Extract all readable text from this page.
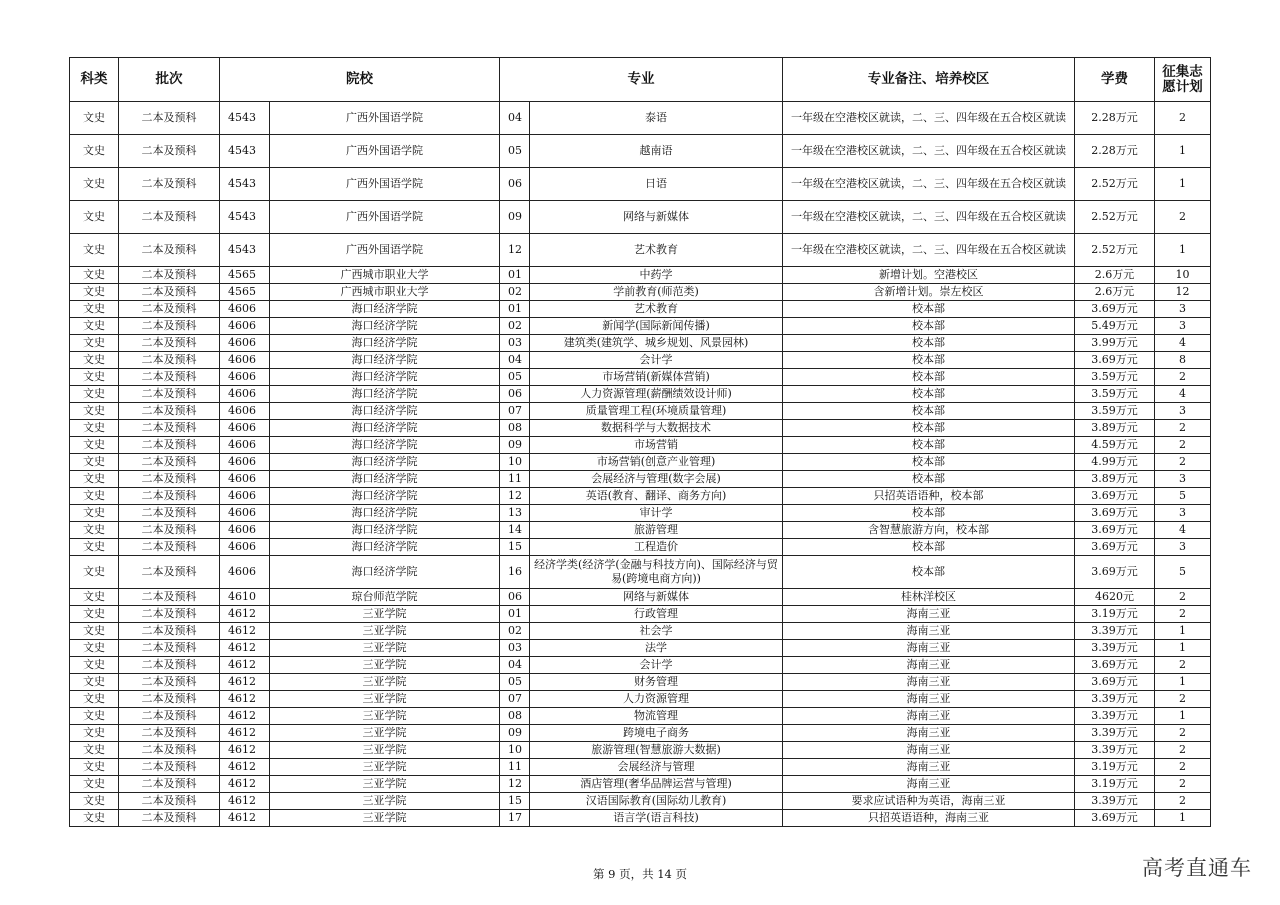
科类	批次	院校		专业		专业备注、培养校区	学费	征集志愿计划
文史	二本及预科	4543	广西外国语学院	04	泰语	一年级在空港校区就读，二、三、四年级在五合校区就读	2.28万元	2
文史	二本及预科	4543	广西外国语学院	05	越南语	一年级在空港校区就读，二、三、四年级在五合校区就读	2.28万元	1
文史	二本及预科	4543	广西外国语学院	06	日语	一年级在空港校区就读，二、三、四年级在五合校区就读	2.52万元	1
文史	二本及预科	4543	广西外国语学院	09	网络与新媒体	一年级在空港校区就读，二、三、四年级在五合校区就读	2.52万元	2
文史	二本及预科	4543	广西外国语学院	12	艺术教育	一年级在空港校区就读，二、三、四年级在五合校区就读	2.52万元	1
文史	二本及预科	4565	广西城市职业大学	01	中药学	新增计划。空港校区	2.6万元	10
文史	二本及预科	4565	广西城市职业大学	02	学前教育(师范类)	含新增计划。崇左校区	2.6万元	12
文史	二本及预科	4606	海口经济学院	01	艺术教育	校本部	3.69万元	3
文史	二本及预科	4606	海口经济学院	02	新闻学(国际新闻传播)	校本部	5.49万元	3
文史	二本及预科	4606	海口经济学院	03	建筑类(建筑学、城乡规划、风景园林)	校本部	3.99万元	4
文史	二本及预科	4606	海口经济学院	04	会计学	校本部	3.69万元	8
文史	二本及预科	4606	海口经济学院	05	市场营销(新媒体营销)	校本部	3.59万元	2
文史	二本及预科	4606	海口经济学院	06	人力资源管理(薪酬绩效设计师)	校本部	3.59万元	4
文史	二本及预科	4606	海口经济学院	07	质量管理工程(环境质量管理)	校本部	3.59万元	3
文史	二本及预科	4606	海口经济学院	08	数据科学与大数据技术	校本部	3.89万元	2
文史	二本及预科	4606	海口经济学院	09	市场营销	校本部	4.59万元	2
文史	二本及预科	4606	海口经济学院	10	市场营销(创意产业管理)	校本部	4.99万元	2
文史	二本及预科	4606	海口经济学院	11	会展经济与管理(数字会展)	校本部	3.89万元	3
文史	二本及预科	4606	海口经济学院	12	英语(教育、翻译、商务方向)	只招英语语种，校本部	3.69万元	5
文史	二本及预科	4606	海口经济学院	13	审计学	校本部	3.69万元	3
文史	二本及预科	4606	海口经济学院	14	旅游管理	含智慧旅游方向，校本部	3.69万元	4
文史	二本及预科	4606	海口经济学院	15	工程造价	校本部	3.69万元	3
文史	二本及预科	4606	海口经济学院	16	经济学类(经济学(金融与科技方向)、国际经济与贸易(跨境电商方向))	校本部	3.69万元	5
文史	二本及预科	4610	琼台师范学院	06	网络与新媒体	桂林洋校区	4620元	2
文史	二本及预科	4612	三亚学院	01	行政管理	海南三亚	3.19万元	2
文史	二本及预科	4612	三亚学院	02	社会学	海南三亚	3.39万元	1
文史	二本及预科	4612	三亚学院	03	法学	海南三亚	3.39万元	1
文史	二本及预科	4612	三亚学院	04	会计学	海南三亚	3.69万元	2
文史	二本及预科	4612	三亚学院	05	财务管理	海南三亚	3.69万元	1
文史	二本及预科	4612	三亚学院	07	人力资源管理	海南三亚	3.39万元	2
文史	二本及预科	4612	三亚学院	08	物流管理	海南三亚	3.39万元	1
文史	二本及预科	4612	三亚学院	09	跨境电子商务	海南三亚	3.39万元	2
文史	二本及预科	4612	三亚学院	10	旅游管理(智慧旅游大数据)	海南三亚	3.39万元	2
文史	二本及预科	4612	三亚学院	11	会展经济与管理	海南三亚	3.19万元	2
文史	二本及预科	4612	三亚学院	12	酒店管理(奢华品牌运营与管理)	海南三亚	3.19万元	2
文史	二本及预科	4612	三亚学院	15	汉语国际教育(国际幼儿教育)	要求应试语种为英语，海南三亚	3.39万元	2
文史	二本及预科	4612	三亚学院	17	语言学(语言科技)	只招英语语种，海南三亚	3.69万元	1
第 9 页，共 14 页	高考直通车
